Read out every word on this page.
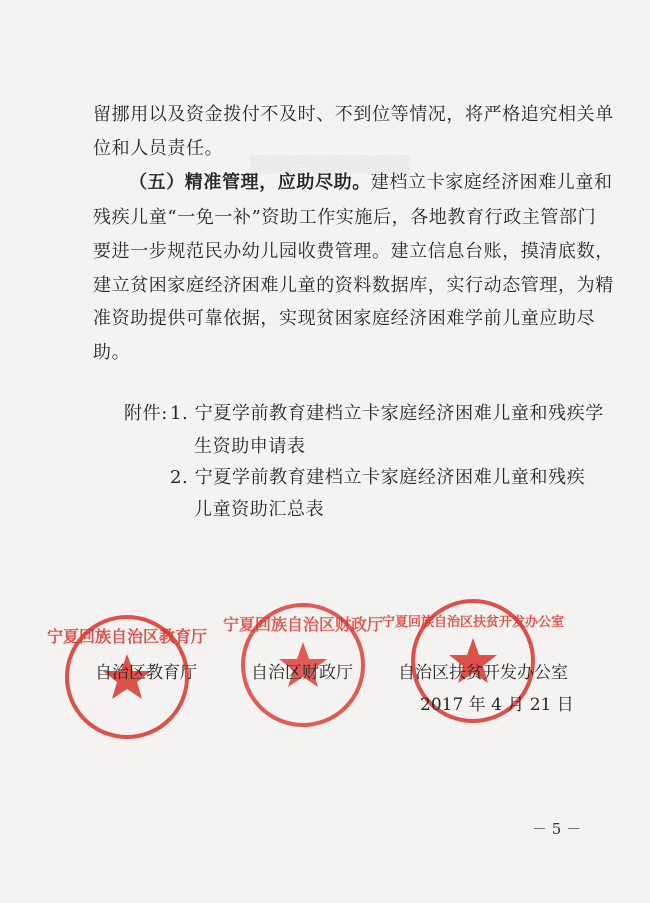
▒▒▒▒▒▒▒▒▒▒▒▒▒
留挪用以及资金拨付不及时、不到位等情况，将严格追究相关单
位和人员责任。
（五）精准管理，应助尽助。建档立卡家庭经济困难儿童和
残疾儿童“一免一补”资助工作实施后，各地教育行政主管部门
要进一步规范民办幼儿园收费管理。建立信息台账，摸清底数，
建立贫困家庭经济困难儿童的资料数据库，实行动态管理，为精
准资助提供可靠依据，实现贫困家庭经济困难学前儿童应助尽
助。
附件: 1. 宁夏学前教育建档立卡家庭经济困难儿童和残疾学
生资助申请表
2. 宁夏学前教育建档立卡家庭经济困难儿童和残疾
儿童资助汇总表
宁夏回族自治区教育厅
宁夏回族自治区财政厅
宁夏回族自治区扶贫开发办公室
自治区教育厅	自治区财政厅	自治区扶贫开发办公室
2017 年 4 月 21 日
－ 5 －
